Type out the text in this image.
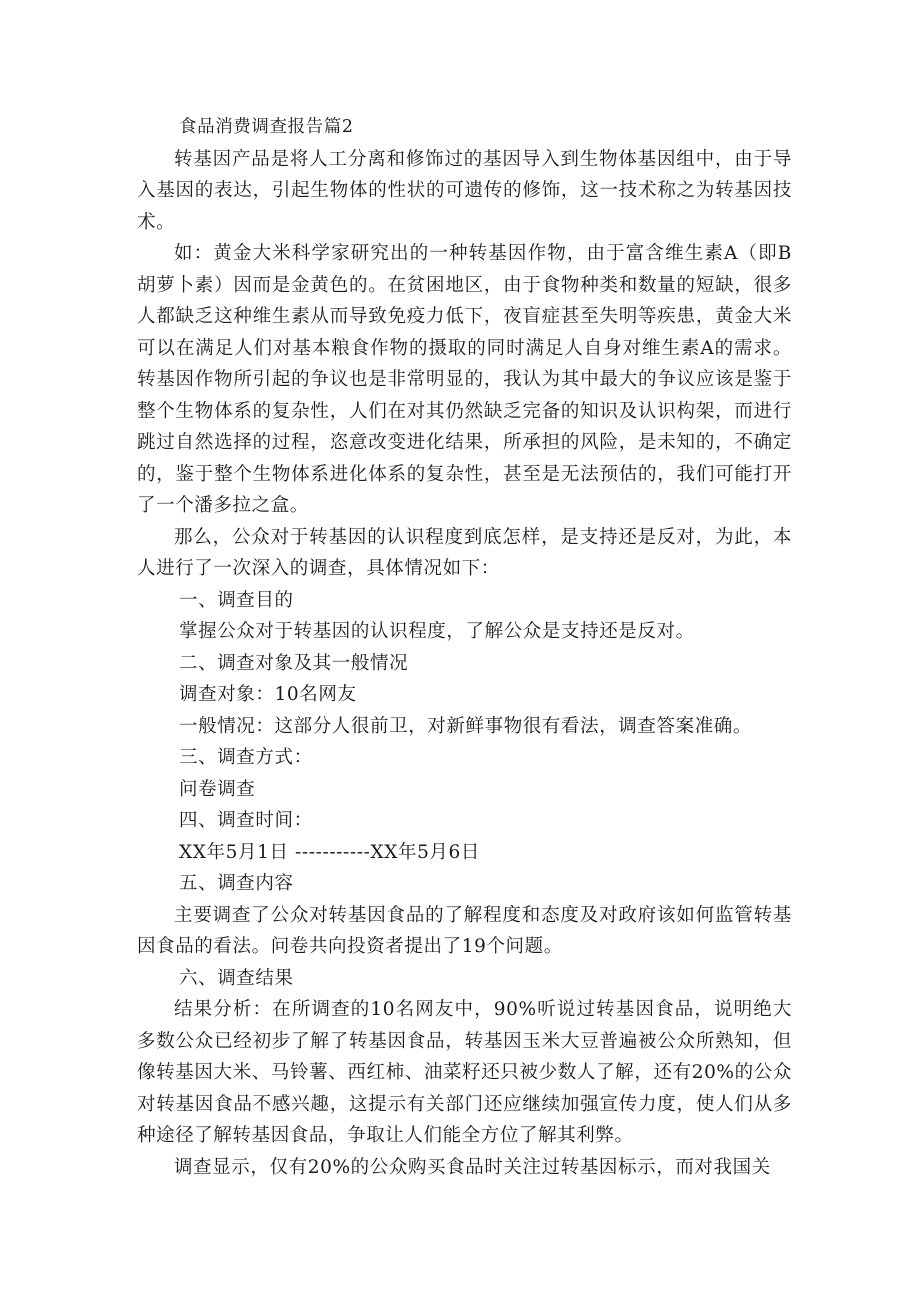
食品消费调查报告篇2

转基因产品是将人工分离和修饰过的基因导入到生物体基因组中，由于导入基因的表达，引起生物体的性状的可遗传的修饰，这一技术称之为转基因技术。

如：黄金大米科学家研究出的一种转基因作物，由于富含维生素A（即B胡萝卜素）因而是金黄色的。在贫困地区，由于食物种类和数量的短缺，很多人都缺乏这种维生素从而导致免疫力低下，夜盲症甚至失明等疾患，黄金大米可以在满足人们对基本粮食作物的摄取的同时满足人自身对维生素A的需求。转基因作物所引起的争议也是非常明显的，我认为其中最大的争议应该是鉴于整个生物体系的复杂性，人们在对其仍然缺乏完备的知识及认识构架，而进行跳过自然选择的过程，恣意改变进化结果，所承担的风险，是未知的，不确定的，鉴于整个生物体系进化体系的复杂性，甚至是无法预估的，我们可能打开了一个潘多拉之盒。

那么，公众对于转基因的认识程度到底怎样，是支持还是反对，为此，本人进行了一次深入的调查，具体情况如下：

一、调查目的

掌握公众对于转基因的认识程度，了解公众是支持还是反对。

二、调查对象及其一般情况

调查对象：10名网友

一般情况：这部分人很前卫，对新鲜事物很有看法，调查答案准确。

三、调查方式：

问卷调查

四、调查时间：

XX年5月1日 -----------XX年5月6日

五、调查内容

主要调查了公众对转基因食品的了解程度和态度及对政府该如何监管转基因食品的看法。问卷共向投资者提出了19个问题。

六、调查结果

结果分析：在所调查的10名网友中，90%听说过转基因食品，说明绝大多数公众已经初步了解了转基因食品，转基因玉米大豆普遍被公众所熟知，但像转基因大米、马铃薯、西红柿、油菜籽还只被少数人了解，还有20%的公众对转基因食品不感兴趣，这提示有关部门还应继续加强宣传力度，使人们从多种途径了解转基因食品，争取让人们能全方位了解其利弊。

调查显示，仅有20%的公众购买食品时关注过转基因标示，而对我国关
